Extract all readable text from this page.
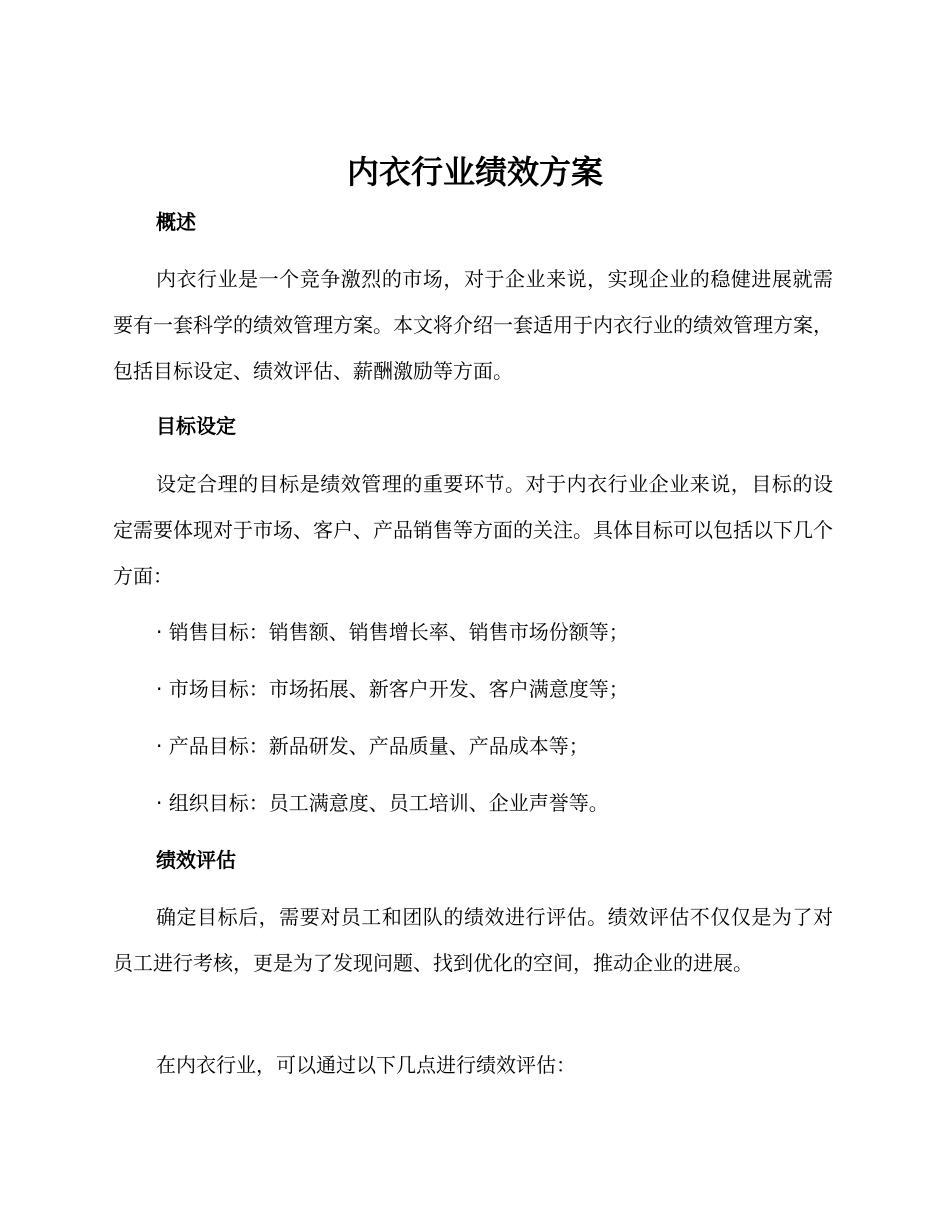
内衣行业绩效方案
概述

内衣行业是一个竞争激烈的市场，对于企业来说，实现企业的稳健进展就需要有一套科学的绩效管理方案。本文将介绍一套适用于内衣行业的绩效管理方案，包括目标设定、绩效评估、薪酬激励等方面。

目标设定

设定合理的目标是绩效管理的重要环节。对于内衣行业企业来说，目标的设定需要体现对于市场、客户、产品销售等方面的关注。具体目标可以包括以下几个方面：

· 销售目标：销售额、销售增长率、销售市场份额等；

· 市场目标：市场拓展、新客户开发、客户满意度等；

· 产品目标：新品研发、产品质量、产品成本等；

· 组织目标：员工满意度、员工培训、企业声誉等。

绩效评估

确定目标后，需要对员工和团队的绩效进行评估。绩效评估不仅仅是为了对员工进行考核，更是为了发现问题、找到优化的空间，推动企业的进展。

在内衣行业，可以通过以下几点进行绩效评估：
